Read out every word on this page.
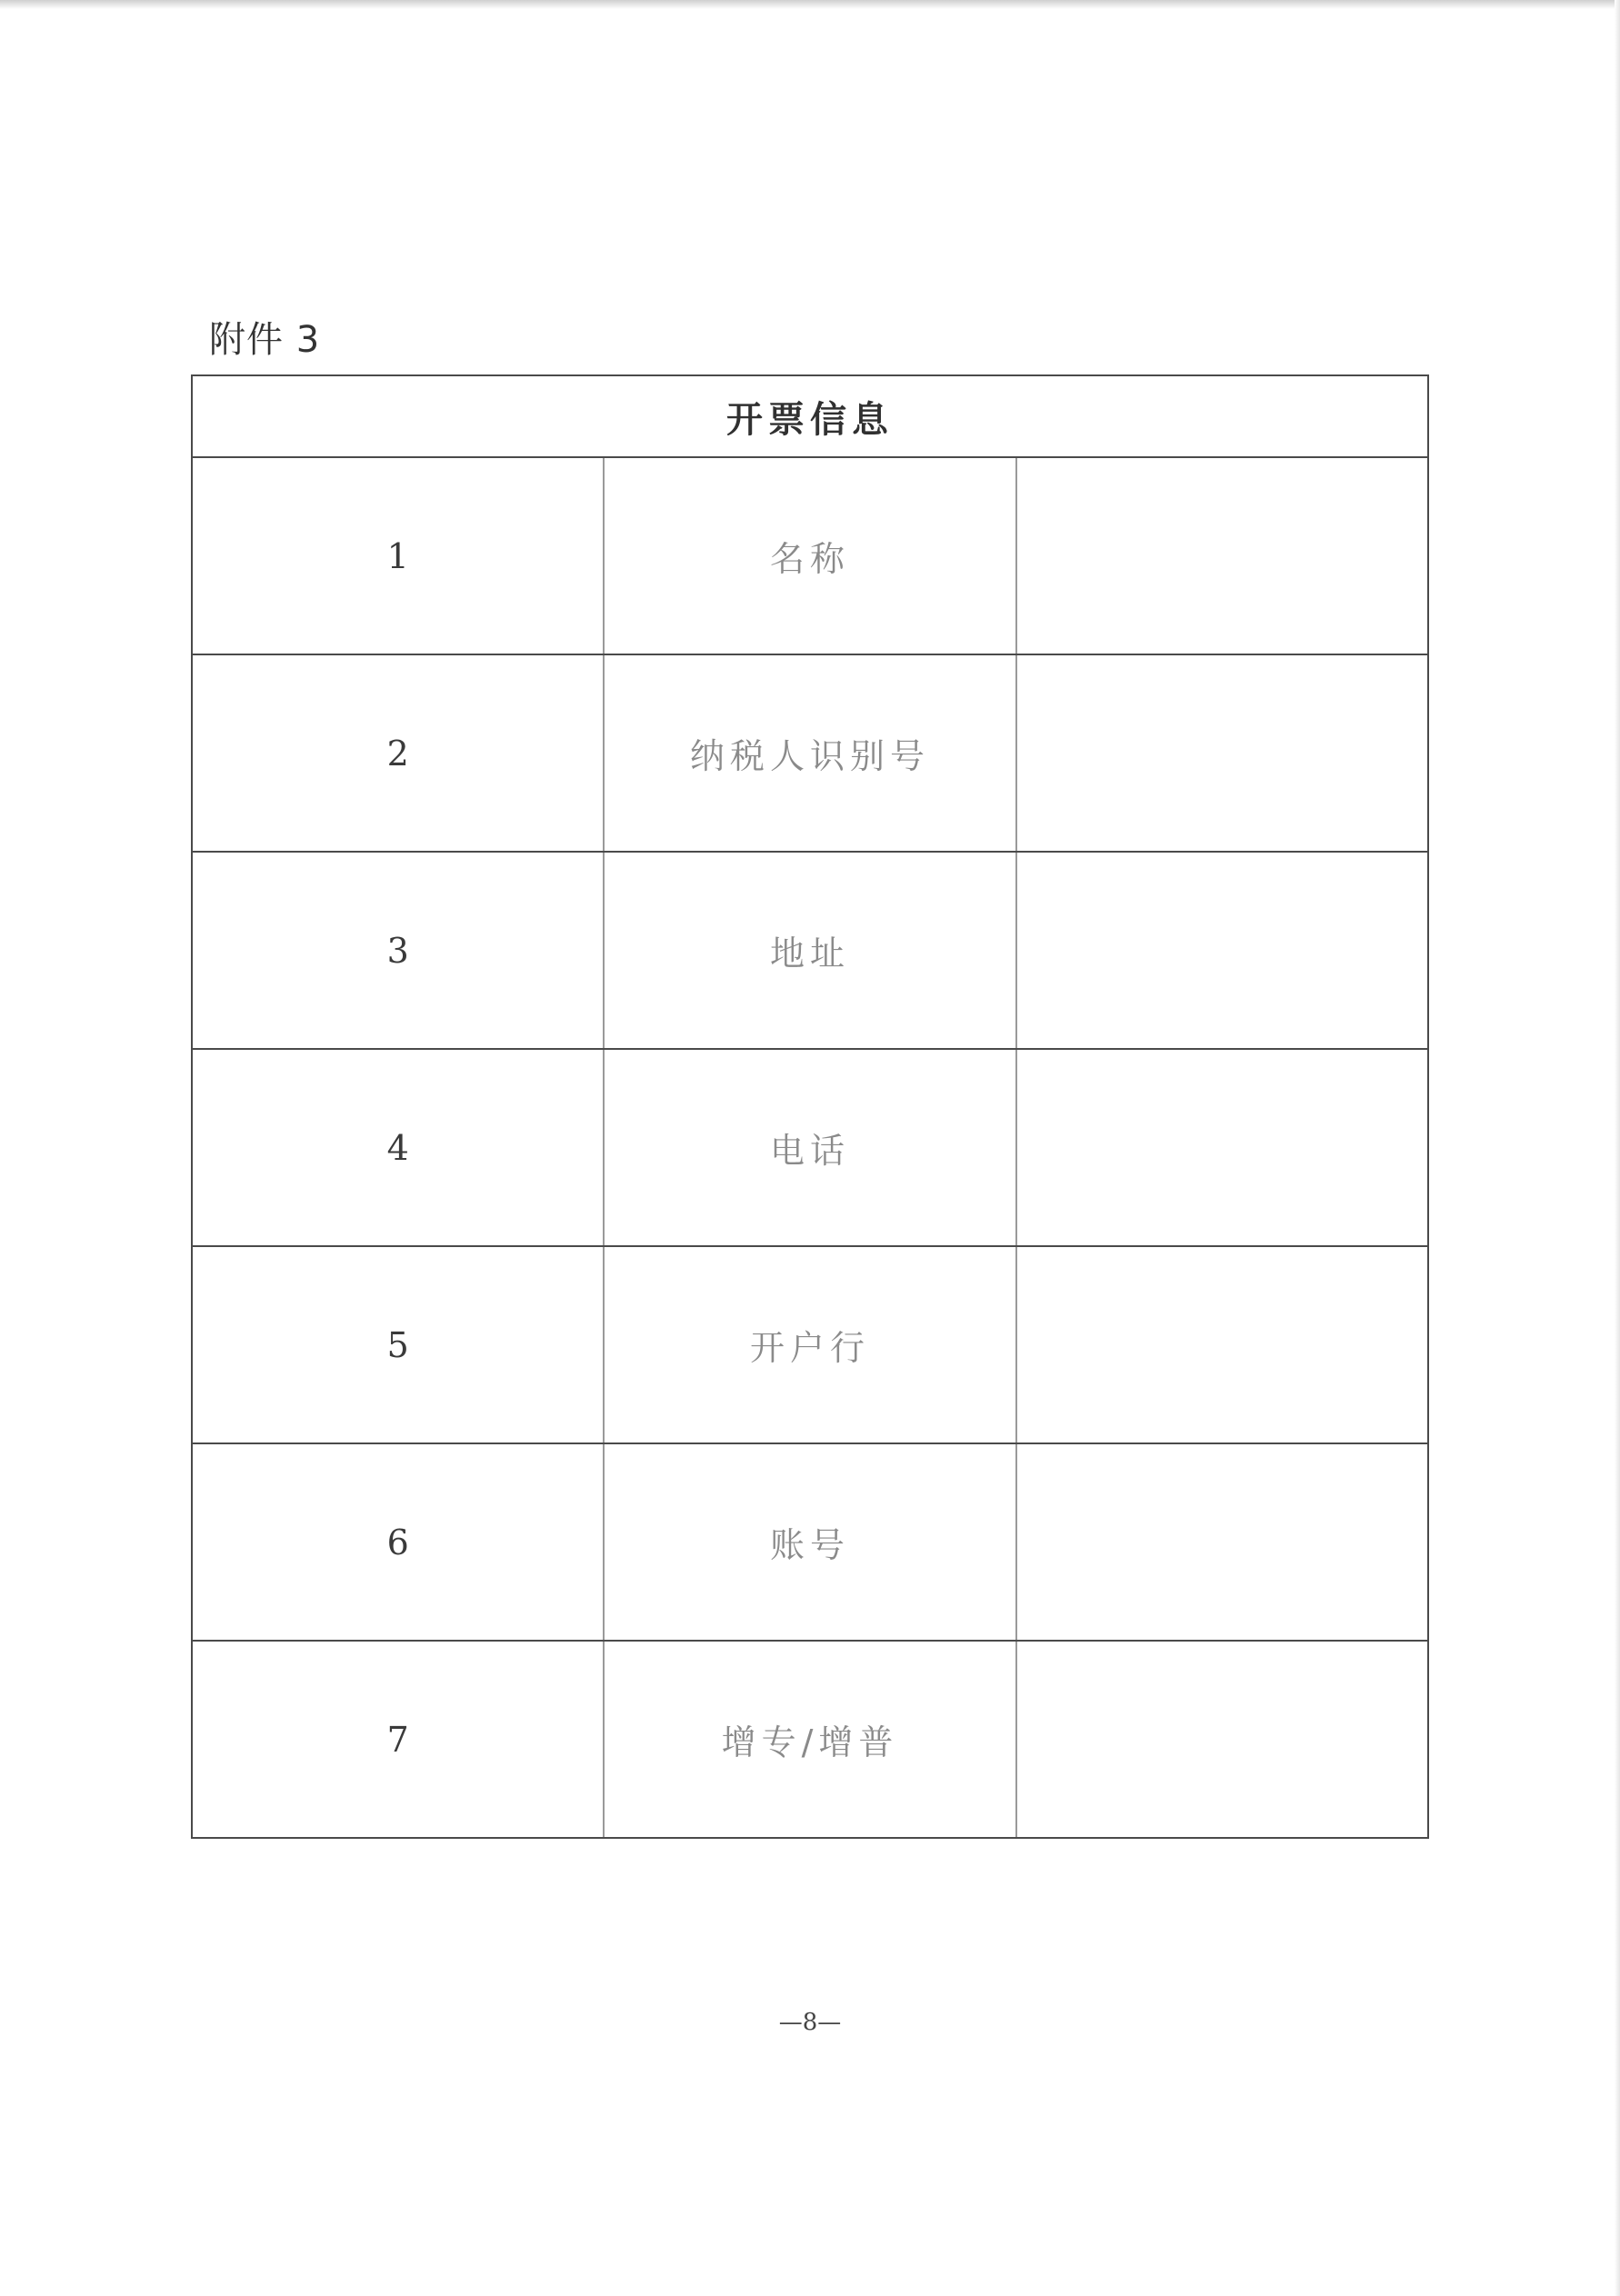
附件 3
开票信息		
1	名称	
2	纳税人识别号	
3	地址	
4	电话	
5	开户行	
6	账号	
7	增专/增普	
—8—
